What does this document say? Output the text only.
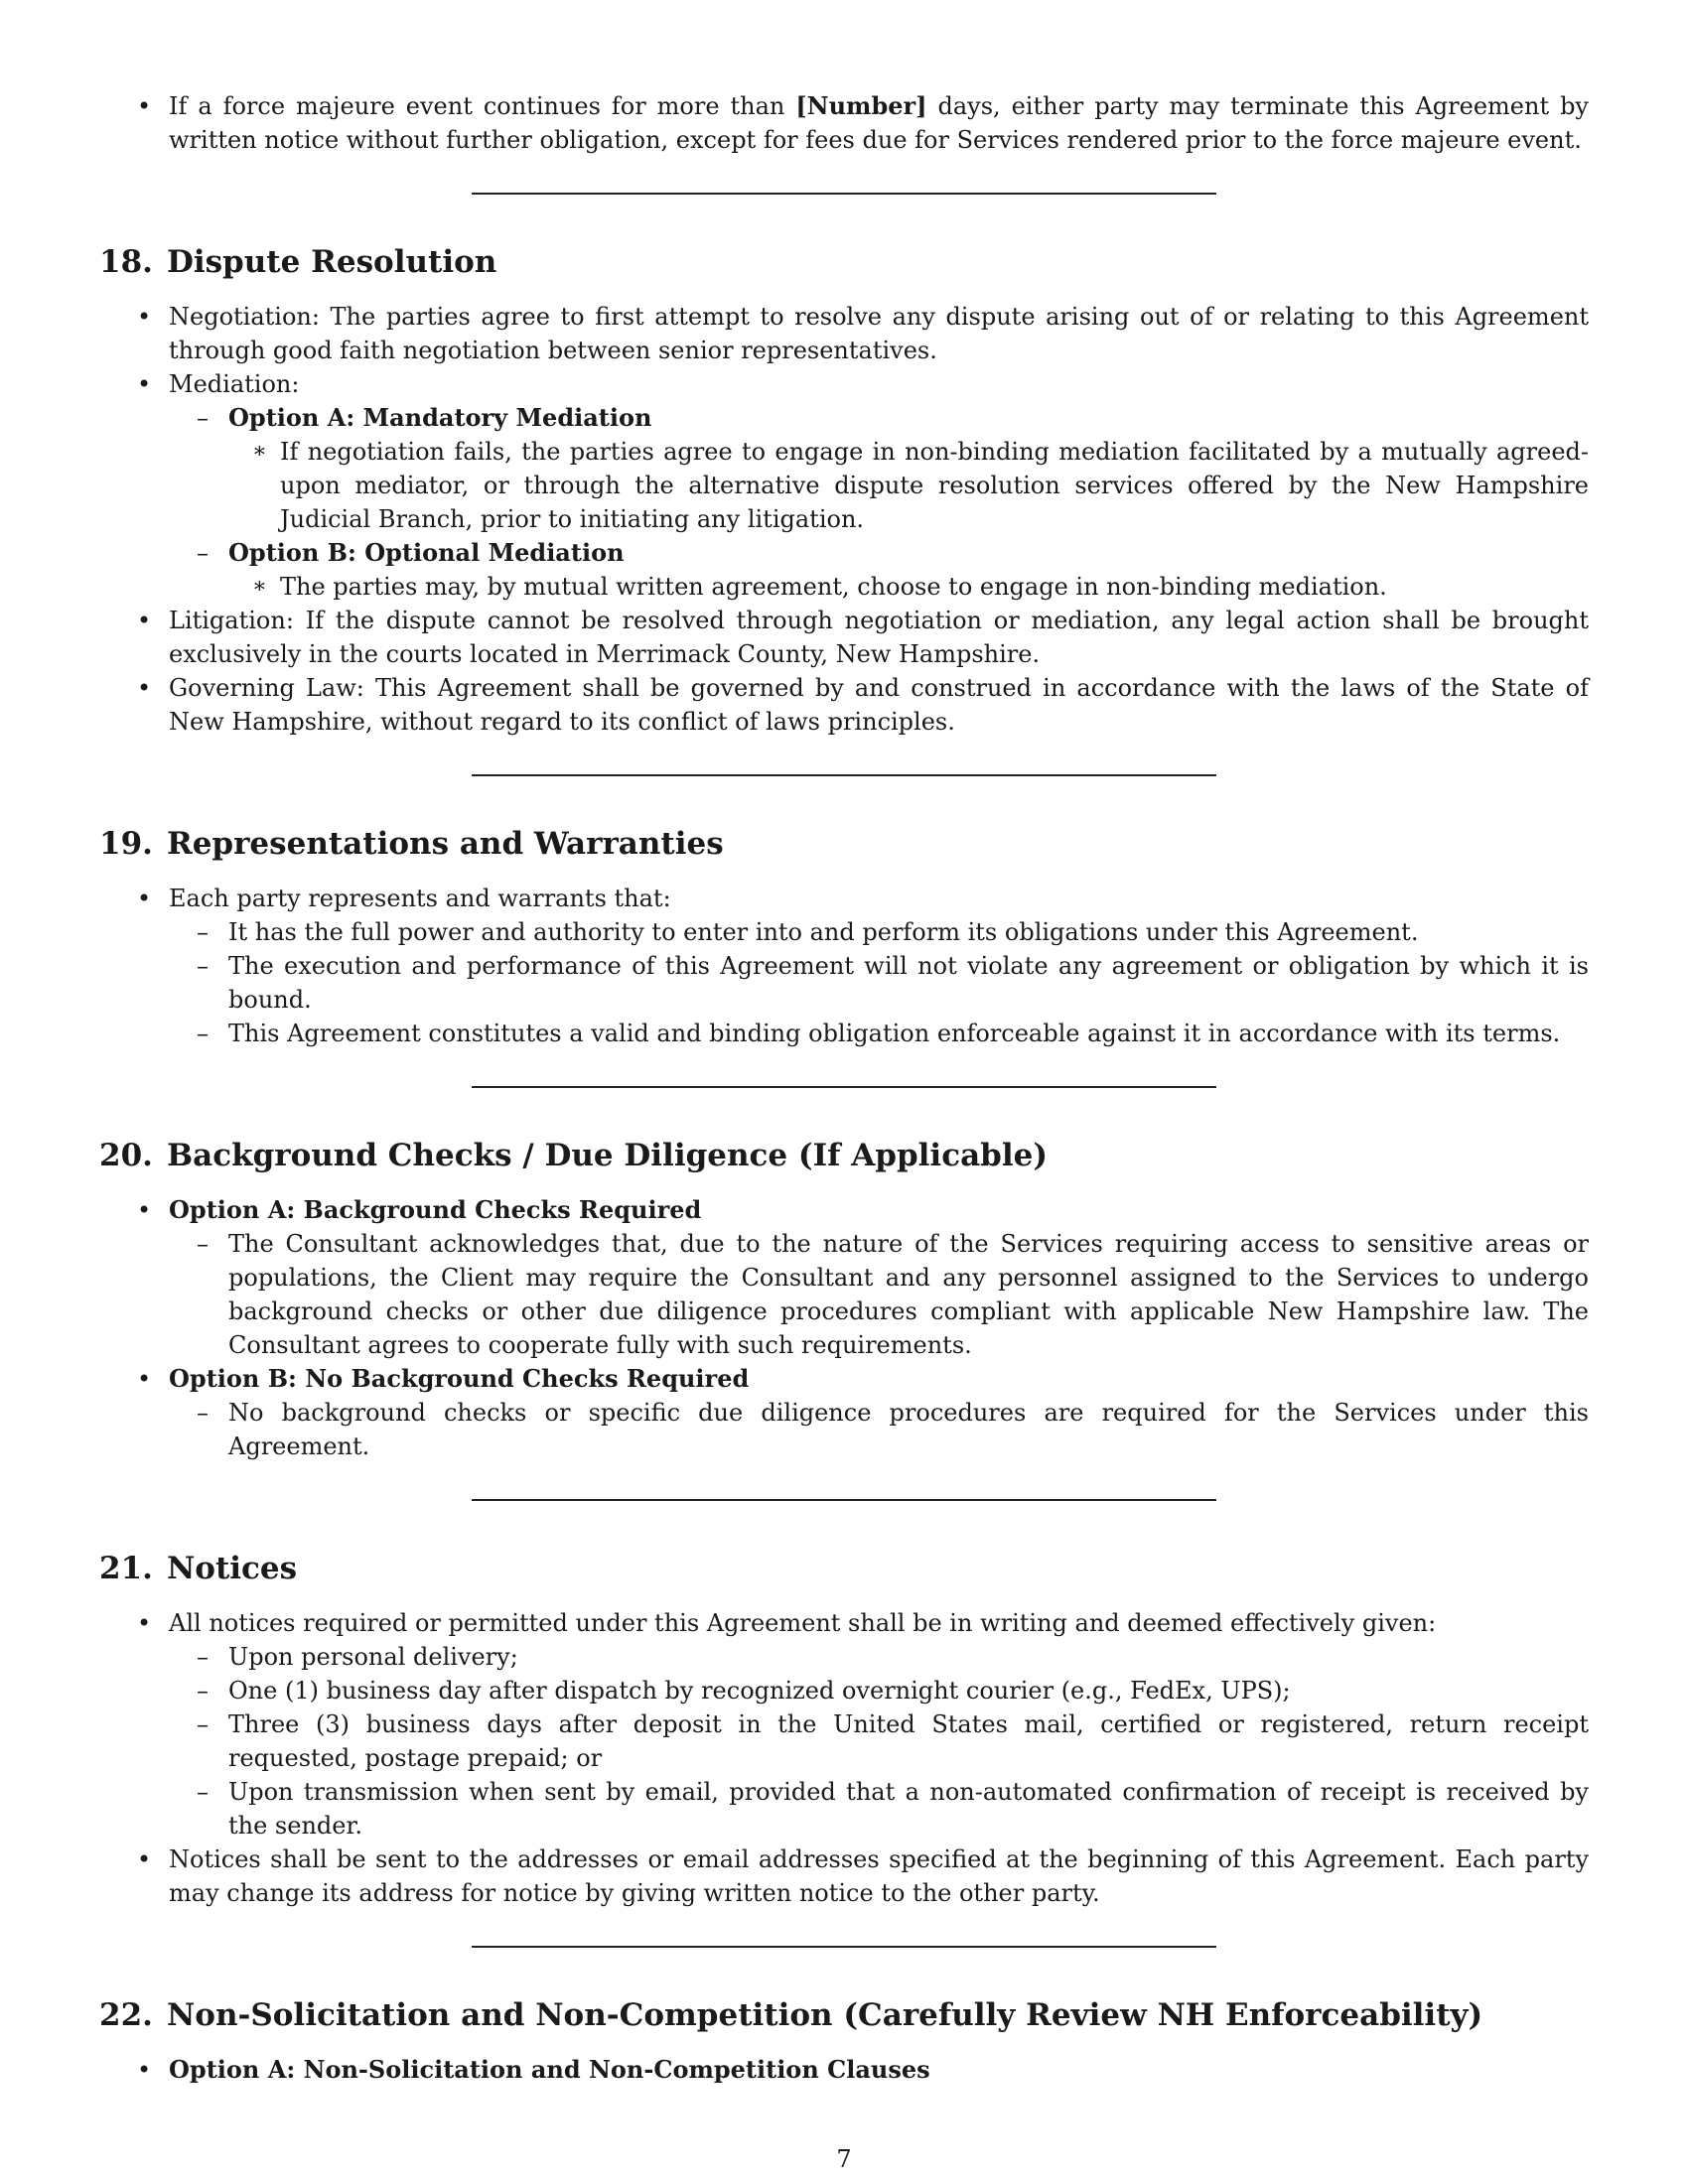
• If a force majeure event continues for more than [Number] days, either party may terminate this Agreement by written notice without further obligation, except for fees due for Services rendered prior to the force majeure event.
18. Dispute Resolution
• Negotiation: The parties agree to first attempt to resolve any dispute arising out of or relating to this Agreement through good faith negotiation between senior representatives.
• Mediation:
– Option A: Mandatory Mediation
∗ If negotiation fails, the parties agree to engage in non-binding mediation facilitated by a mutually agreed-upon mediator, or through the alternative dispute resolution services offered by the New Hampshire Judicial Branch, prior to initiating any litigation.
– Option B: Optional Mediation
∗ The parties may, by mutual written agreement, choose to engage in non-binding mediation.
• Litigation: If the dispute cannot be resolved through negotiation or mediation, any legal action shall be brought exclusively in the courts located in Merrimack County, New Hampshire.
• Governing Law: This Agreement shall be governed by and construed in accordance with the laws of the State of New Hampshire, without regard to its conflict of laws principles.
19. Representations and Warranties
• Each party represents and warrants that:
– It has the full power and authority to enter into and perform its obligations under this Agreement.
– The execution and performance of this Agreement will not violate any agreement or obligation by which it is bound.
– This Agreement constitutes a valid and binding obligation enforceable against it in accordance with its terms.
20. Background Checks / Due Diligence (If Applicable)
• Option A: Background Checks Required
– The Consultant acknowledges that, due to the nature of the Services requiring access to sensitive areas or populations, the Client may require the Consultant and any personnel assigned to the Services to undergo background checks or other due diligence procedures compliant with applicable New Hampshire law. The Consultant agrees to cooperate fully with such requirements.
• Option B: No Background Checks Required
– No background checks or specific due diligence procedures are required for the Services under this Agreement.
21. Notices
• All notices required or permitted under this Agreement shall be in writing and deemed effectively given:
– Upon personal delivery;
– One (1) business day after dispatch by recognized overnight courier (e.g., FedEx, UPS);
– Three (3) business days after deposit in the United States mail, certified or registered, return receipt requested, postage prepaid; or
– Upon transmission when sent by email, provided that a non-automated confirmation of receipt is received by the sender.
• Notices shall be sent to the addresses or email addresses specified at the beginning of this Agreement. Each party may change its address for notice by giving written notice to the other party.
22. Non-Solicitation and Non-Competition (Carefully Review NH Enforceability)
• Option A: Non-Solicitation and Non-Competition Clauses
7
